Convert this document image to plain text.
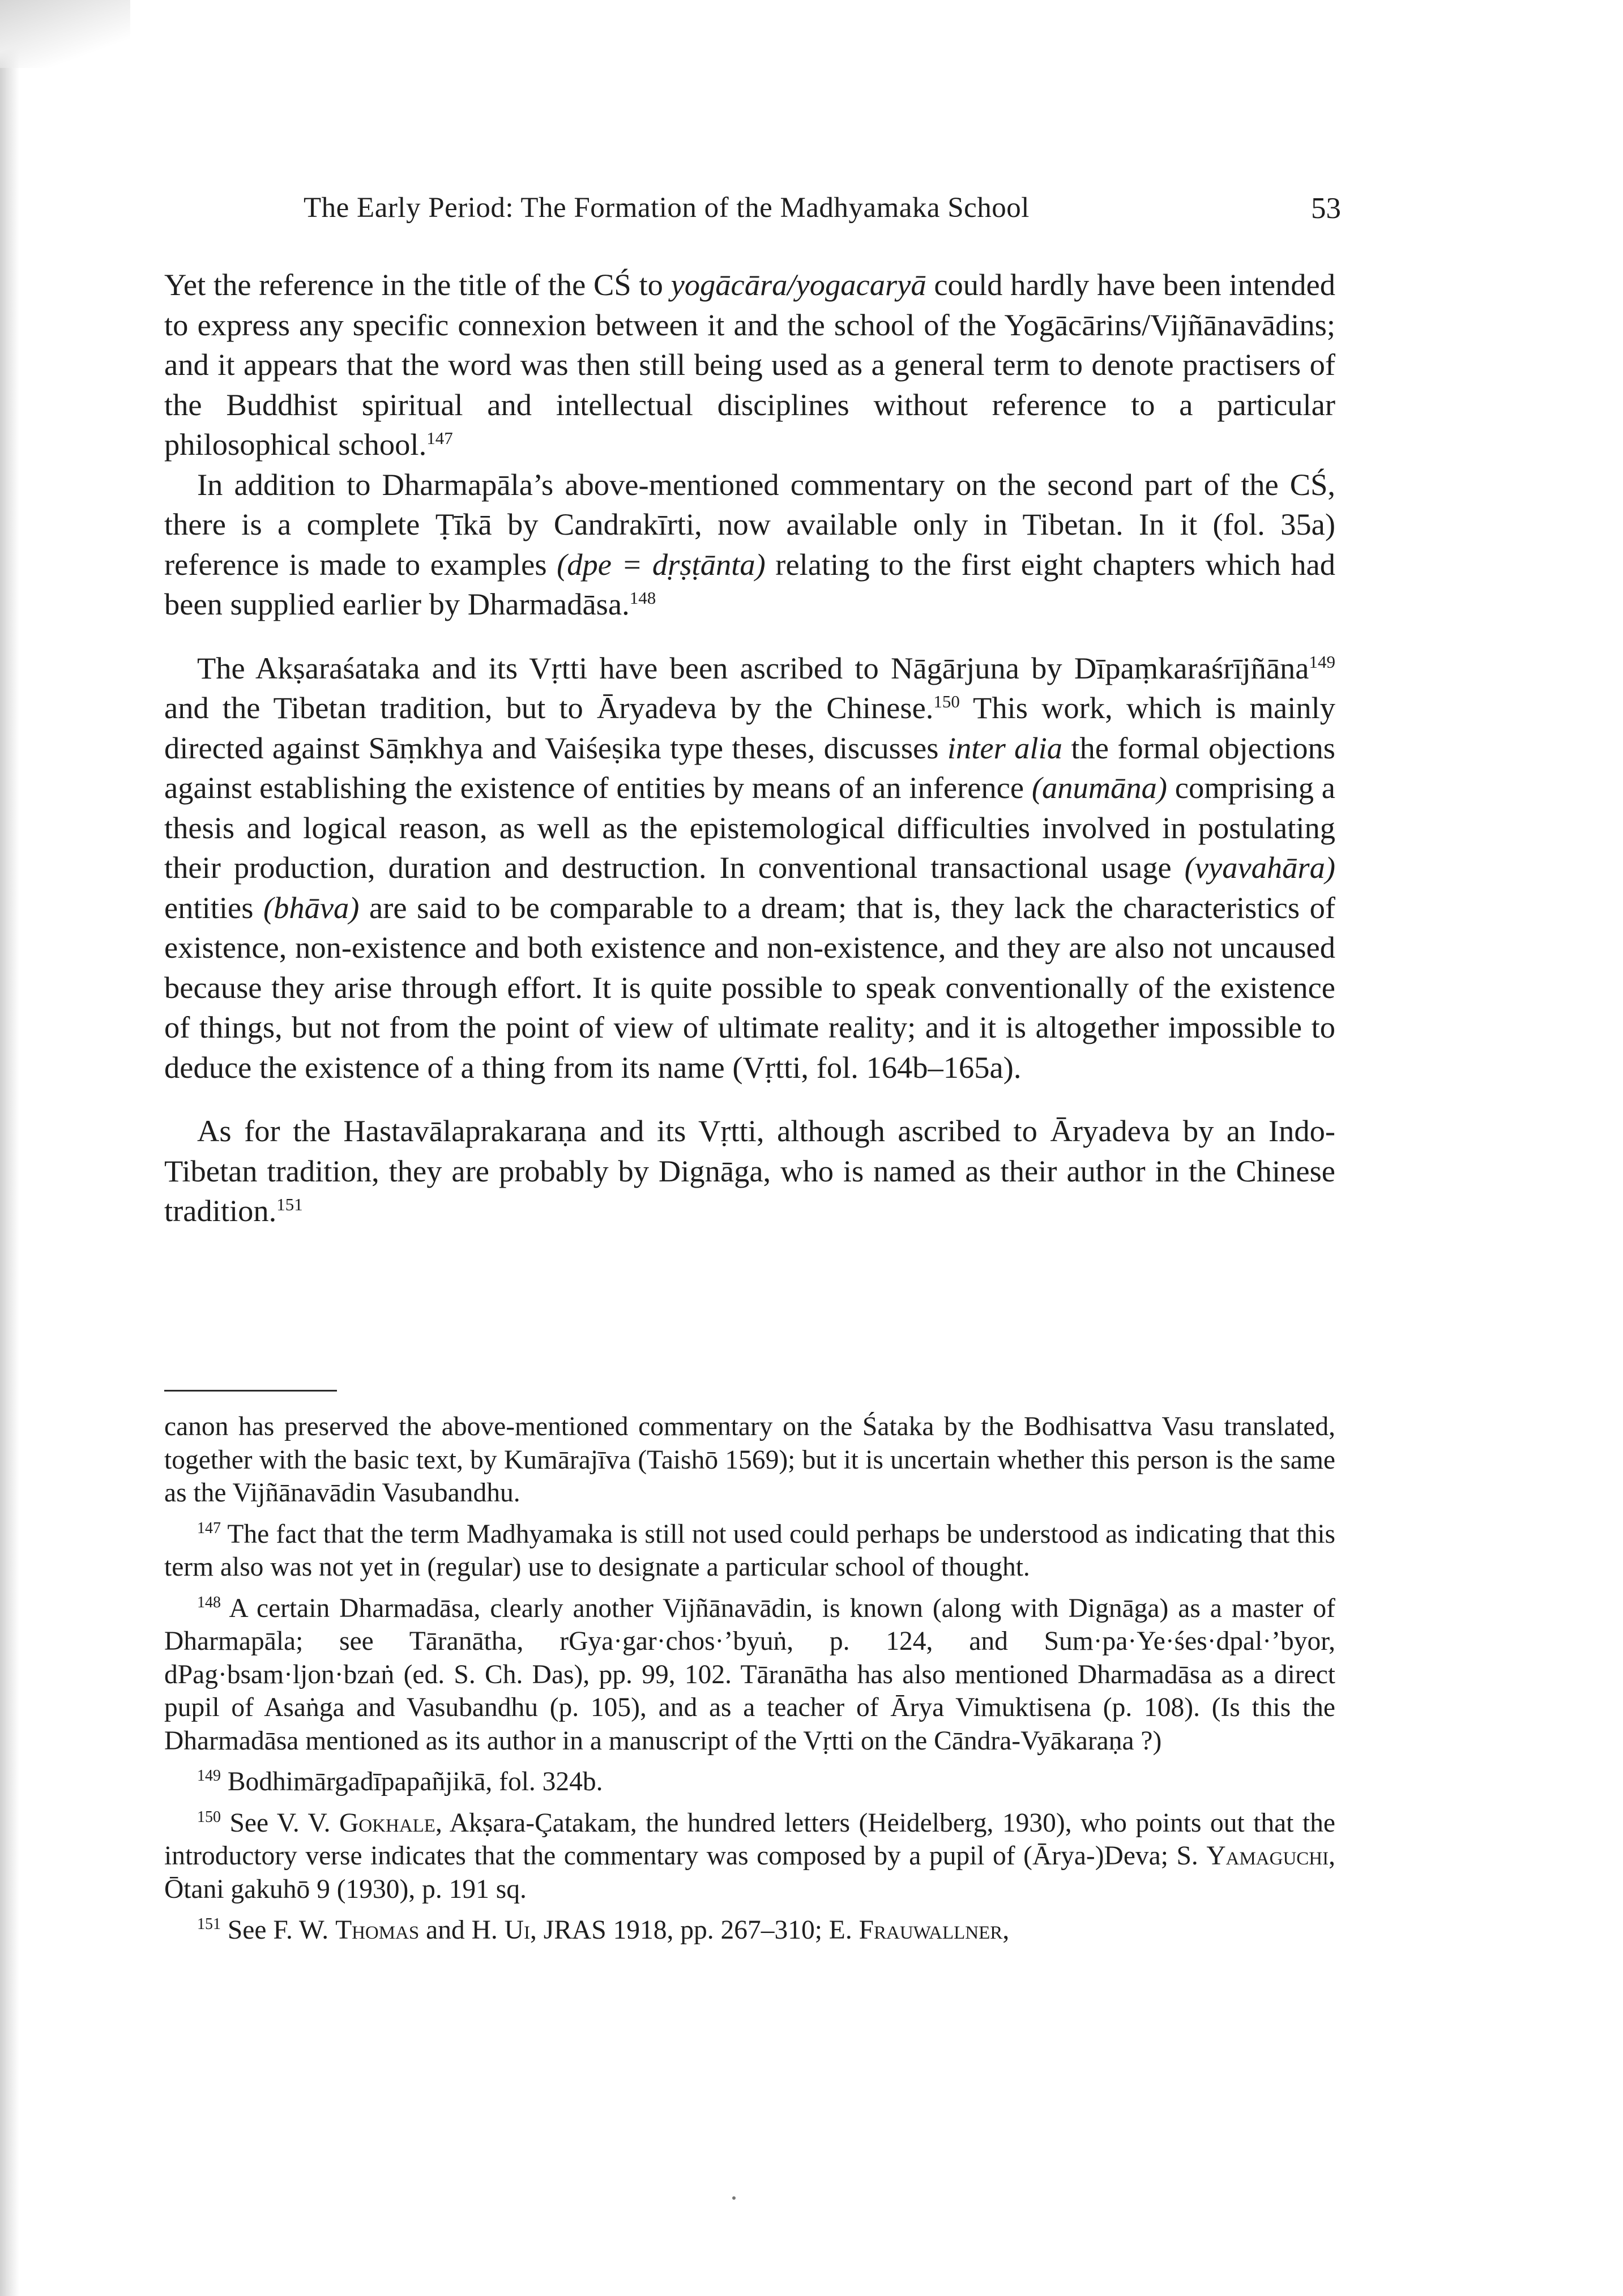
The Early Period: The Formation of the Madhyamaka School	53

Yet the reference in the title of the CŚ to yogācāra/yogacaryā could hardly have been intended to express any specific connexion between it and the school of the Yogācārins/Vijñānavādins; and it appears that the word was then still being used as a general term to denote practisers of the Buddhist spiritual and intellectual disciplines without reference to a particular philosophical school.$^{147}$

In addition to Dharmapāla’s above-mentioned commentary on the second part of the CŚ, there is a complete Ṭīkā by Candrakīrti, now available only in Tibetan. In it (fol. 35a) reference is made to examples (dpe = dṛṣṭānta) relating to the first eight chapters which had been supplied earlier by Dharmadāsa.$^{148}$

The Akṣaraśataka and its Vṛtti have been ascribed to Nāgārjuna by Dīpaṃkaraśrījñāna$^{149}$ and the Tibetan tradition, but to Āryadeva by the Chinese.$^{150}$ This work, which is mainly directed against Sāṃkhya and Vaiśeṣika type theses, discusses inter alia the formal objections against establishing the existence of entities by means of an inference (anumāna) comprising a thesis and logical reason, as well as the epistemological difficulties involved in postulating their production, duration and destruction. In conventional transactional usage (vyavahāra) entities (bhāva) are said to be comparable to a dream; that is, they lack the characteristics of existence, non-existence and both existence and non-existence, and they are also not uncaused because they arise through effort. It is quite possible to speak conventionally of the existence of things, but not from the point of view of ultimate reality; and it is altogether impossible to deduce the existence of a thing from its name (Vṛtti, fol. 164b–165a).

As for the Hastavālaprakaraṇa and its Vṛtti, although ascribed to Āryadeva by an Indo-Tibetan tradition, they are probably by Dignāga, who is named as their author in the Chinese tradition.$^{151}$

canon has preserved the above-mentioned commentary on the Śataka by the Bodhisattva Vasu translated, together with the basic text, by Kumārajīva (Taishō 1569); but it is uncertain whether this person is the same as the Vijñānavādin Vasubandhu.

$^{147}$ The fact that the term Madhyamaka is still not used could perhaps be understood as indicating that this term also was not yet in (regular) use to designate a particular school of thought.

$^{148}$ A certain Dharmadāsa, clearly another Vijñānavādin, is known (along with Dignāga) as a master of Dharmapāla; see Tāranātha, rGya·gar·chos·’byuṅ, p. 124, and Sum·pa·Ye·śes·dpal·’byor, dPag·bsam·ljon·bzaṅ (ed. S. Ch. Das), pp. 99, 102. Tāranātha has also mentioned Dharmadāsa as a direct pupil of Asaṅga and Vasubandhu (p. 105), and as a teacher of Ārya Vimuktisena (p. 108). (Is this the Dharmadāsa mentioned as its author in a manuscript of the Vṛtti on the Cāndra-Vyākaraṇa ?)

$^{149}$ Bodhimārgadīpapañjikā, fol. 324b.

$^{150}$ See V. V. Gokhale, Akṣara-Çatakam, the hundred letters (Heidelberg, 1930), who points out that the introductory verse indicates that the commentary was composed by a pupil of (Ārya-)Deva; S. Yamaguchi, Ōtani gakuhō 9 (1930), p. 191 sq.

$^{151}$ See F. W. Thomas and H. Ui, JRAS 1918, pp. 267–310; E. Frauwallner,
